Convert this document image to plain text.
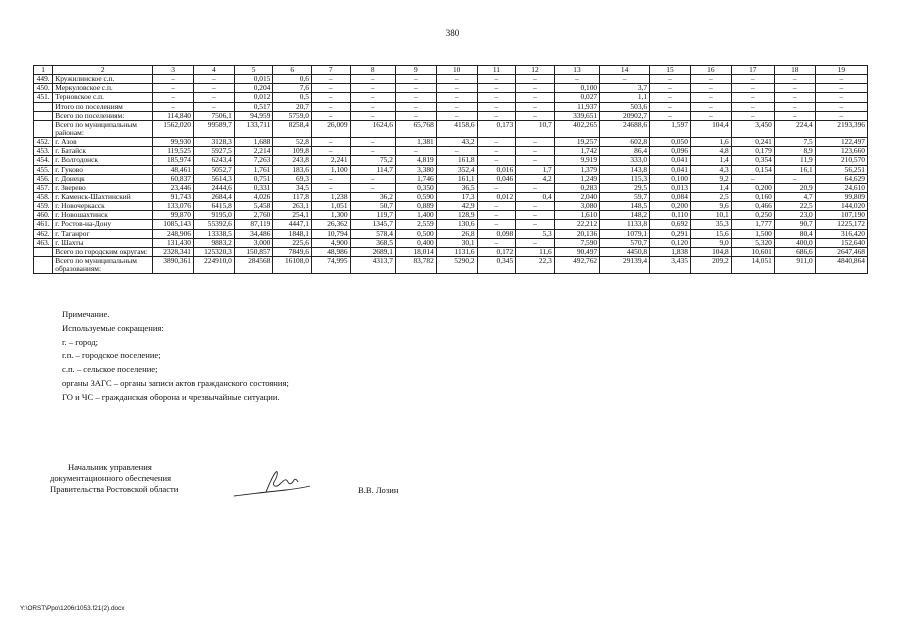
380
1	2	3	4	5	6	7	8	9	10	11	12	13	14	15	16	17	18	19	
449.	Кружилинское с.п.	–	–	0,015	0,6	–	–	–	–	–	–	–	–	–	–	–	–	–	
450.	Меркуловское с.п.	–	–	0,204	7,6	–	–	–	–	–	–	0,100	3,7	–	–	–	–	–	
451.	Терновское с.п.	–	–	0,012	0,5	–	–	–	–	–	–	0,027	1,1	–	–	–	–	–	
	Итого по поселениям	–	–	0,517	20,7	–	–	–	–	–	–	11,937	503,6	–	–	–	–	–	
	Всего по поселениям:	114,840	7506,1	94,959	5759,0	–	–	–	–	–	–	339,651	20902,7	–	–	–	–	–	
	Всего по муниципальным районам:	1562,020	99589,7	133,711	8258,4	26,009	1624,6	65,768	4158,6	0,173	10,7	402,265	24688,6	1,597	104,4	3,450	224,4	2193,396	
452.	г. Азов	99,930	3128,3	1,688	52,8	–	–	1,381	43,2	–	–	19,257	602,8	0,050	1,6	0,241	7,5	122,497	
453.	г. Батайск	119,525	5927,5	2,214	109,8	–	–	–	–	–	–	1,742	86,4	0,096	4,8	0,179	8,9	123,660	
454.	г. Волгодонск	185,974	6243,4	7,263	243,8	2,241	75,2	4,819	161,8	–	–	9,919	333,0	0,041	1,4	0,354	11,9	210,570	
455.	г. Гуково	48,461	5052,7	1,761	183,6	1,100	114,7	3,380	352,4	0,016	1,7	1,379	143,8	0,041	4,3	0,154	16,1	56,251	
456.	г. Донецк	60,837	5614,3	0,751	69,3	–	–	1,746	161,1	0,046	4,2	1,249	115,3	0,100	9,2	–	–	64,629	
457.	г. Зверево	23,446	2444,6	0,331	34,5	–	–	0,350	36,5	–	–	0,283	29,5	0,013	1,4	0,200	20,9	24,610	
458.	г. Каменск-Шахтинский	91,743	2684,4	4,026	117,8	1,238	36,2	0,590	17,3	0,012	0,4	2,040	59,7	0,084	2,5	0,160	4,7	99,809	
459.	г. Новочеркасск	133,076	6415,8	5,458	263,1	1,051	50,7	0,889	42,9	–	–	3,080	148,5	0,200	9,6	0,466	22,5	144,020	
460.	г. Новошахтинск	99,870	9195,0	2,760	254,1	1,300	119,7	1,400	128,9	–	–	1,610	148,2	0,110	10,1	0,250	23,0	107,190	
461.	г. Ростов-на-Дону	1085,143	55392,6	87,119	4447,1	26,362	1345,7	2,559	130,6	–	–	22,212	1133,8	0,692	35,3	1,777	90,7	1225,172	
462.	г. Таганрог	248,906	13338,5	34,486	1848,1	10,794	578,4	0,500	26,8	0,098	5,3	20,136	1079,1	0,291	15,6	1,500	80,4	316,420	
463.	г. Шахты	131,430	9883,2	3,000	225,6	4,900	368,5	0,400	30,1	–	–	7,590	570,7	0,120	9,0	5,320	400,0	152,640	
	Всего по городским округам:	2328,341	125320,3	150,857	7849,6	48,986	2689,1	18,014	1131,6	0,172	11,6	90,497	4450,8	1,838	104,8	10,601	686,6	2647,468	
	Всего по муниципальным образованиям:	3890,361	224910,0	284568	16108,0	74,995	4313,7	83,782	5290,2	0,345	22,3	492,762	29139,4	3,435	209,2	14,051	911,0	4840,864	
Примечание.
Используемые сокращения:
г. – город;
г.п. – городское поселение;
с.п. – сельское поселение;
органы ЗАГС – органы записи актов гражданского состояния;
ГО и ЧС – гражданская оборона и чрезвычайные ситуации.
Начальник управления
документационного обеспечения
Правительства Ростовской области	В.В. Лозин
Y:\ORST\Ppo\1206r1053.f21(2).docx
